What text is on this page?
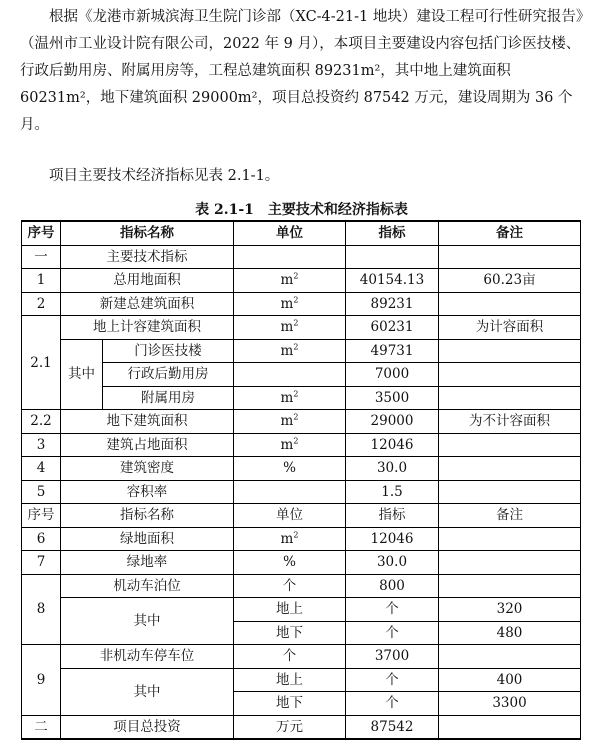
根据《龙港市新城滨海卫生院门诊部（XC-4-21-1 地块）建设工程可行性研究报告》（温州市工业设计院有限公司，2022 年 9 月），本项目主要建设内容包括门诊医技楼、行政后勤用房、附属用房等，工程总建筑面积 89231m²，其中地上建筑面积 60231m²，地下建筑面积 29000m²，项目总投资约 87542 万元，建设周期为 36 个月。

项目主要技术经济指标见表 2.1-1。

表 2.1-1　主要技术和经济指标表
序号	指标名称		单位	指标	备注
一	主要技术指标				
1	总用地面积		$m^2$	40154.13	60.23亩
2	新建总建筑面积		$m^2$	89231	
2.1	地上计容建筑面积		$m^2$	60231	为计容面积
	其中	门诊医技楼	$m^2$	49731	
		行政后勤用房		7000	
		附属用房	$m^2$	3500	
2.2	地下建筑面积		$m^2$	29000	为不计容面积
3	建筑占地面积		$m^2$	12046	
4	建筑密度		%	30.0	
5	容积率			1.5	
序号	指标名称		单位	指标	备注
6	绿地面积		$m^2$	12046	
7	绿地率		%	30.0	
8	机动车泊位		个	800	
	其中		地上	个	320
			地下	个	480
9	非机动车停车位		个	3700	
	其中		地上	个	400
			地下	个	3300
二	项目总投资		万元	87542	
